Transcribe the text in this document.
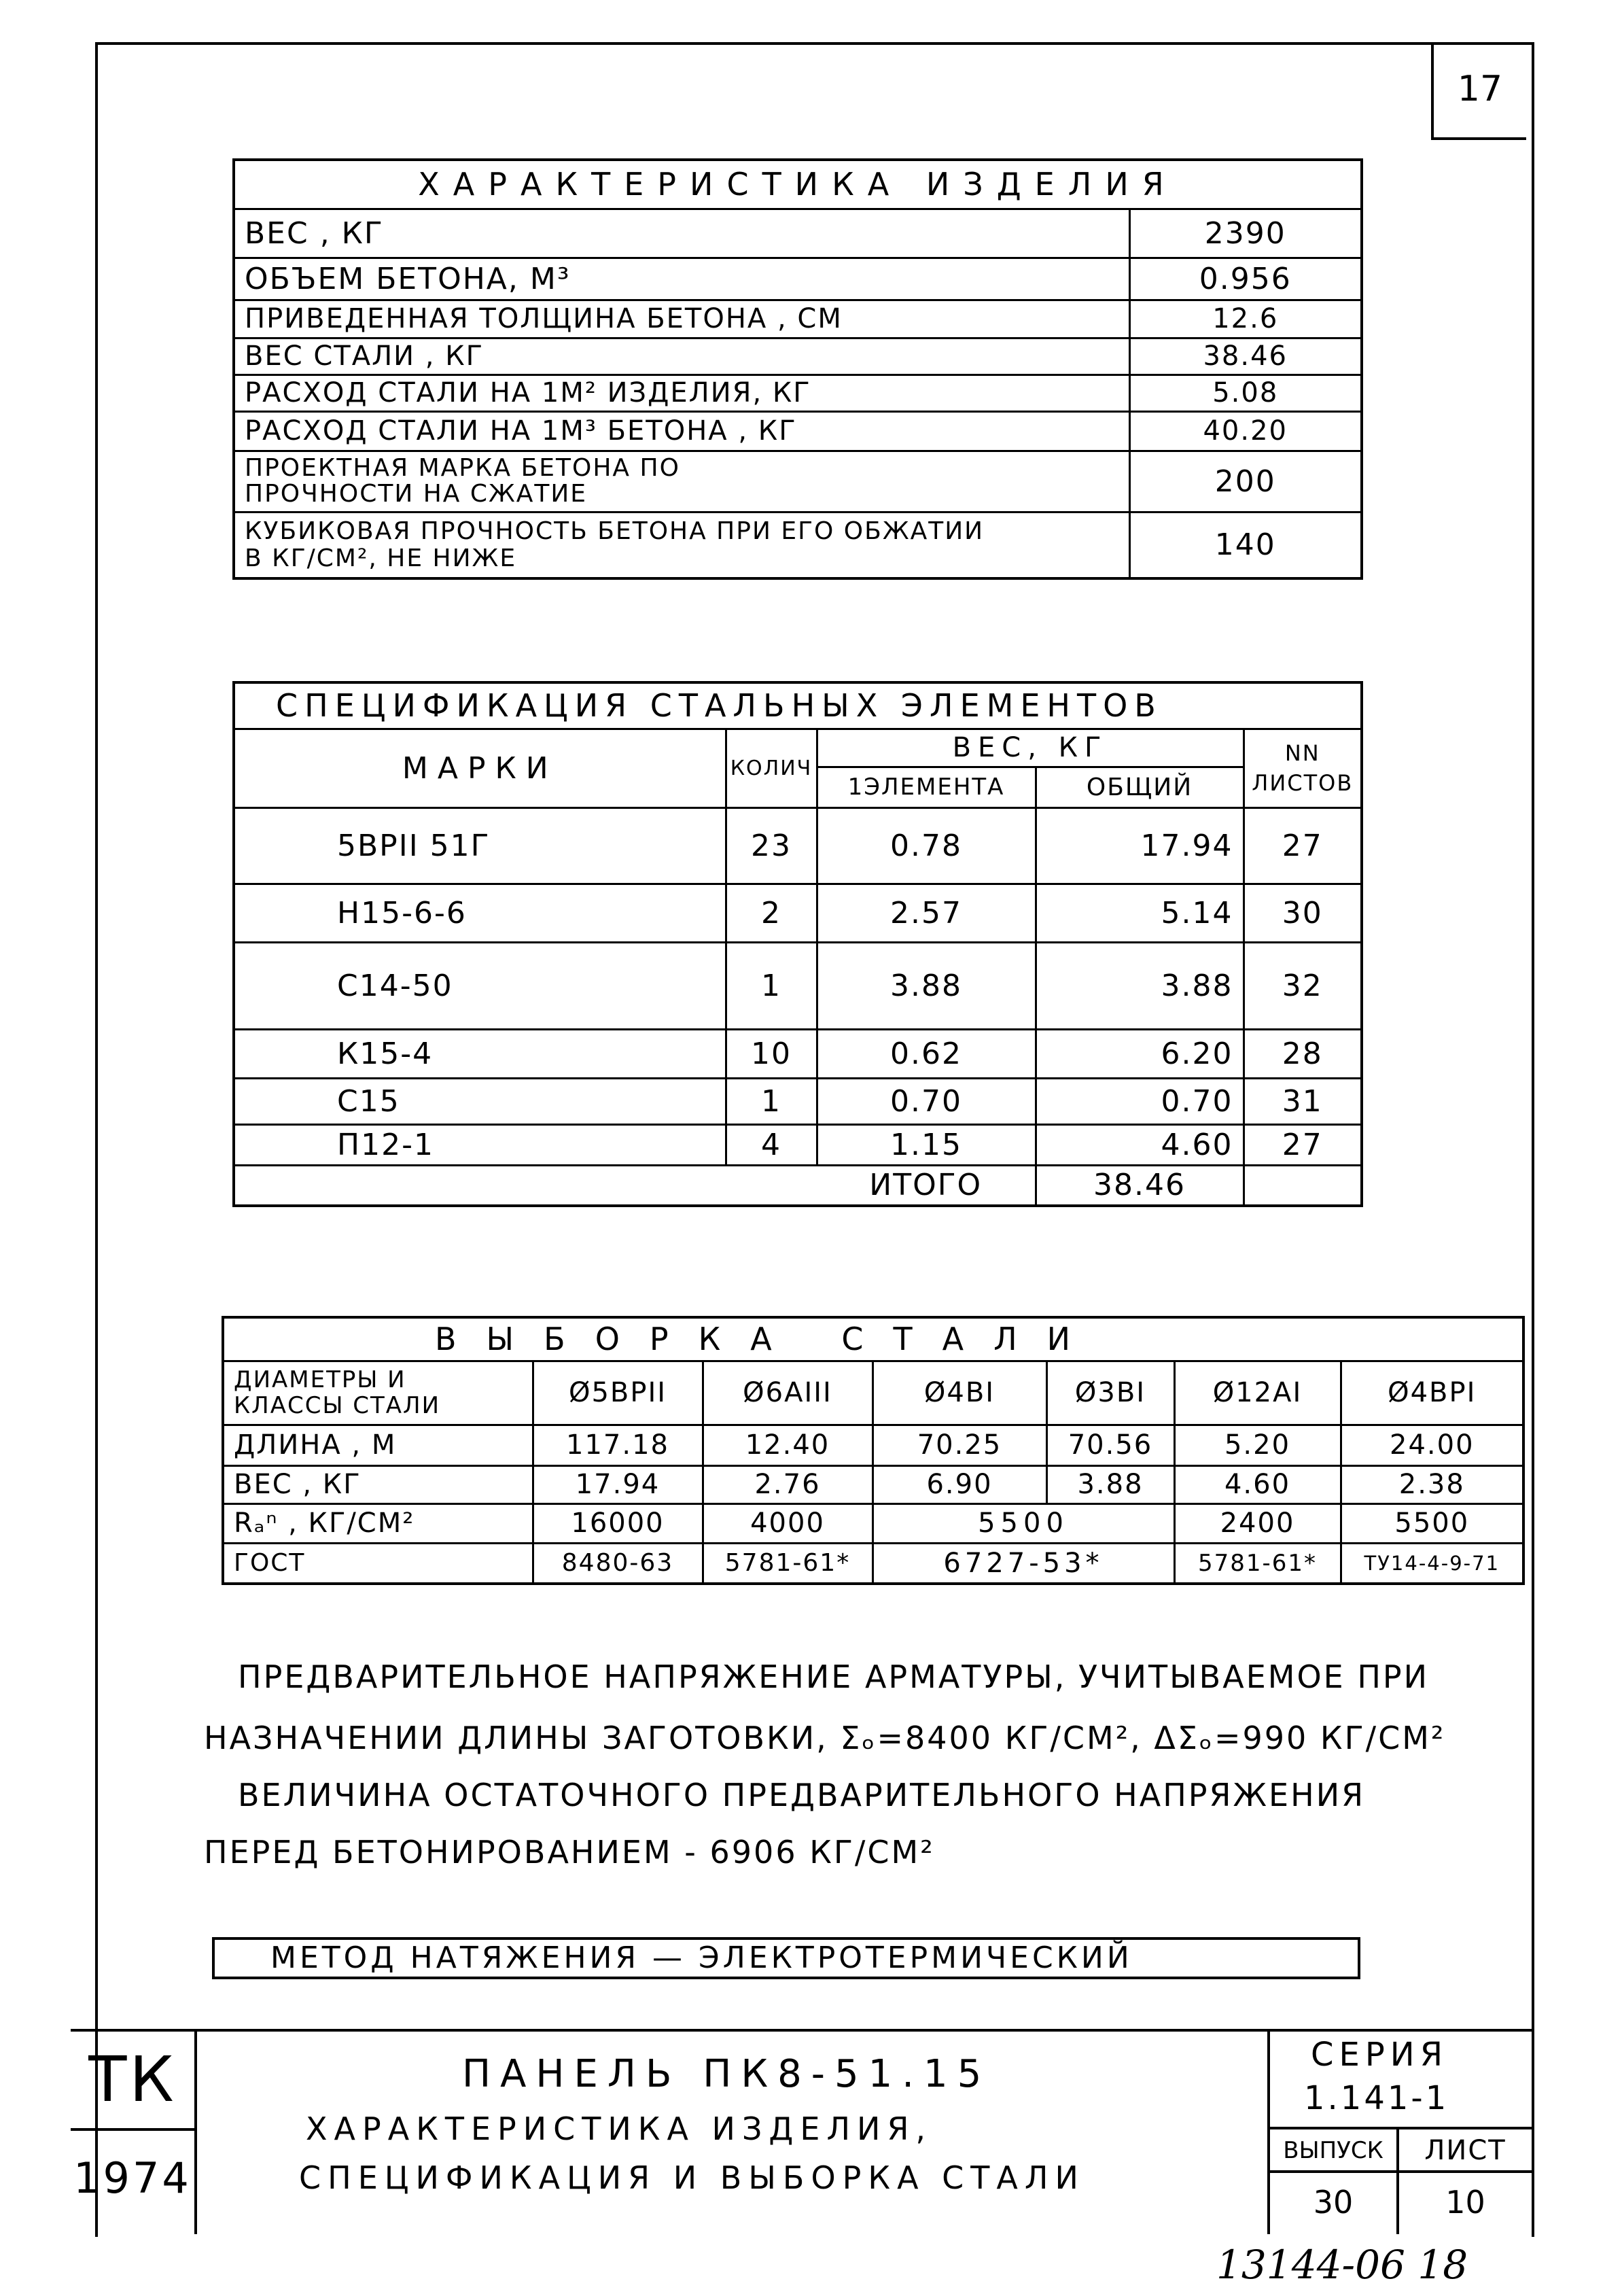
17
ХАРАКТЕРИСТИКА ИЗДЕЛИЯ	
ВЕС , КГ	2390
ОБЪЕМ БЕТОНА, М³	0.956
ПРИВЕДЕННАЯ ТОЛЩИНА БЕТОНА , СМ	12.6
ВЕС СТАЛИ , КГ	38.46
РАСХОД СТАЛИ НА 1М² ИЗДЕЛИЯ, КГ	5.08
РАСХОД СТАЛИ НА 1М³ БЕТОНА , КГ	40.20
ПРОЕКТНАЯ МАРКА БЕТОНА ПО ПРОЧНОСТИ НА СЖАТИЕ	200
КУБИКОВАЯ ПРОЧНОСТЬ БЕТОНА ПРИ ЕГО ОБЖАТИИ В КГ/СМ², НЕ НИЖЕ	140
СПЕЦИФИКАЦИЯ СТАЛЬНЫХ ЭЛЕМЕНТОВ				
МАРКИ	КОЛИЧ	ВЕС, КГ		NN ЛИСТОВ
		1ЭЛЕМЕНТА	ОБЩИЙ	
5ВРII 51Г	23	0.78	17.94	27
Н15-6-6	2	2.57	5.14	30
С14-50	1	3.88	3.88	32
К15-4	10	0.62	6.20	28
С15	1	0.70	0.70	31
П12-1	4	1.15	4.60	27
		ИТОГО	38.46	
ВЫБОРКА СТАЛИ						
ДИАМЕТРЫ И КЛАССЫ СТАЛИ	Ø5ВРII	Ø6АIII	Ø4ВI	Ø3ВI	Ø12АI	Ø4ВРI
ДЛИНА , М	117.18	12.40	70.25	70.56	5.20	24.00
ВЕС , КГ	17.94	2.76	6.90	3.88	4.60	2.38
Rₐⁿ , КГ/СМ²	16000	4000	5500		2400	5500
ГОСТ	8480-63	5781-61*	6727-53*		5781-61*	ТУ14-4-9-71
ПРЕДВАРИТЕЛЬНОЕ НАПРЯЖЕНИЕ АРМАТУРЫ, УЧИТЫВАЕМОЕ ПРИ
НАЗНАЧЕНИИ ДЛИНЫ ЗАГОТОВКИ, Σₒ=8400 КГ/СМ², ΔΣₒ=990 КГ/СМ²
ВЕЛИЧИНА ОСТАТОЧНОГО ПРЕДВАРИТЕЛЬНОГО НАПРЯЖЕНИЯ
ПЕРЕД БЕТОНИРОВАНИЕМ - 6906 КГ/СМ²
МЕТОД НАТЯЖЕНИЯ — ЭЛЕКТРОТЕРМИЧЕСКИЙ
ТК
1974
ПАНЕЛЬ ПК8-51.15
ХАРАКТЕРИСТИКА ИЗДЕЛИЯ,
СПЕЦИФИКАЦИЯ И ВЫБОРКА СТАЛИ
СЕРИЯ
1.141-1
ВЫПУСК
30
ЛИСТ
10
13144-06 18
